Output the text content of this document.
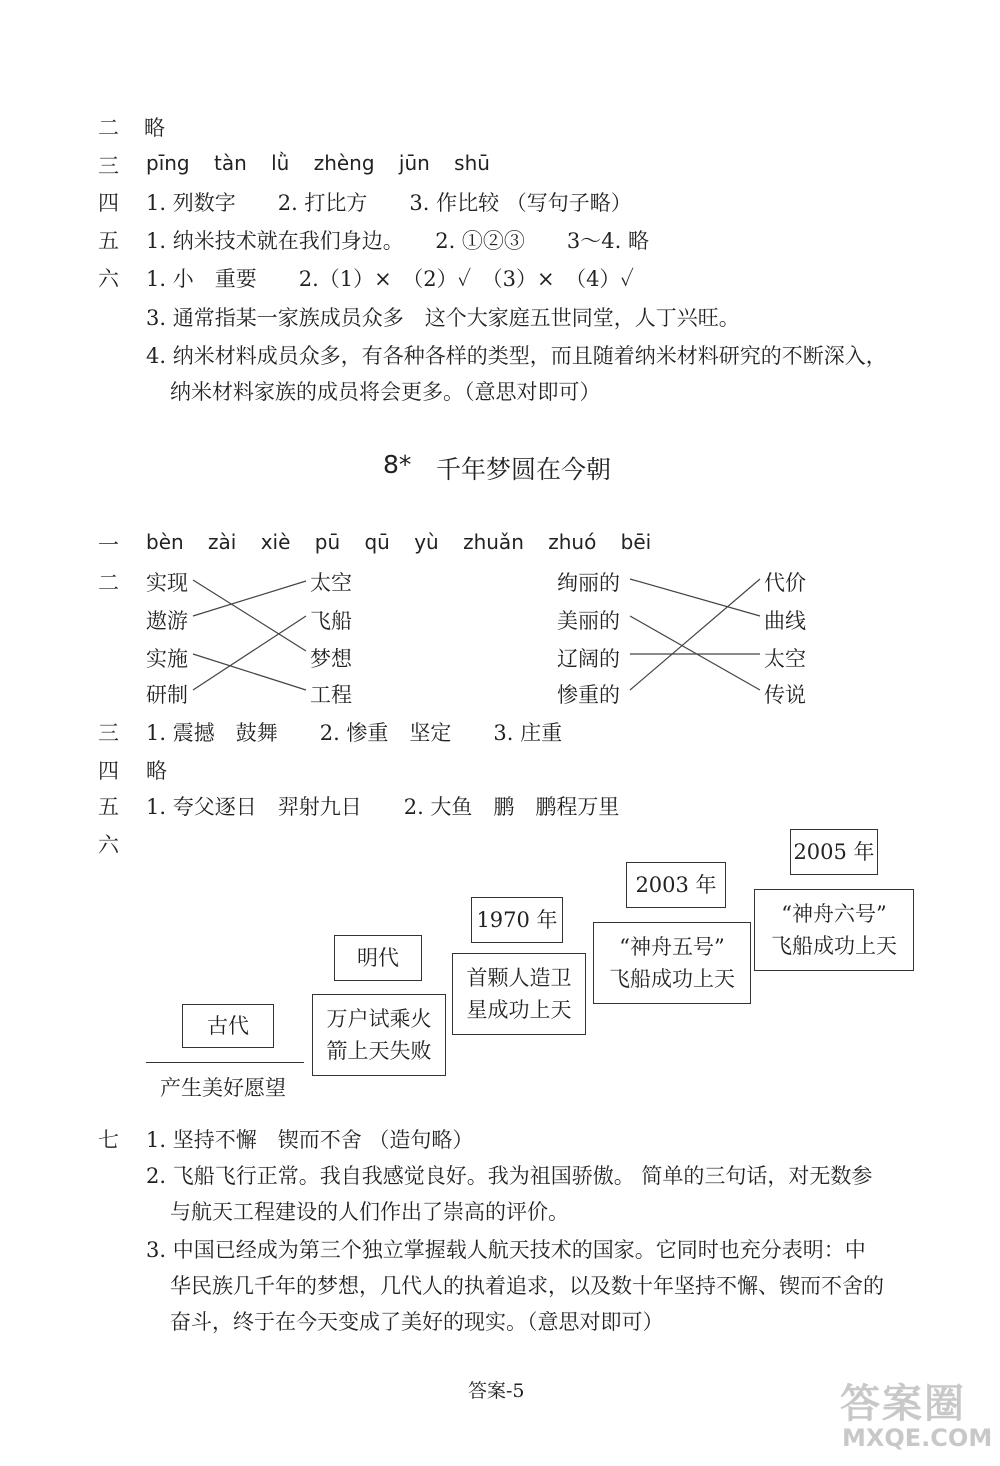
二 略
三 pīng tàn lǜ zhèng jūn shū
四 1. 列数字　　2. 打比方　　3. 作比较 （写句子略）
五 1. 纳米技术就在我们身边。　　2. ①②③　　3～4. 略
六 1. 小　重要　　2.（1）×　（2）✓　（3）×　（4）✓
3. 通常指某一家族成员众多　这个大家庭五世同堂，人丁兴旺。
4. 纳米材料成员众多，有各种各样的类型，而且随着纳米材料研究的不断深入，
纳米材料家族的成员将会更多。（意思对即可）
8* 千年梦圆在今朝
一 bèn zài xiè pū qū yù zhuǎn zhuó bēi
二 实现
遨游
实施
研制
太空
飞船
梦想
工程
绚丽的
美丽的
辽阔的
惨重的
代价
曲线
太空
传说
三 1. 震撼　鼓舞　　2. 惨重　坚定　　3. 庄重
四 略
五 1. 夸父逐日　羿射九日　　2. 大鱼　鹏　鹏程万里
六
古代
产生美好愿望
明代
万户试乘火
箭上天失败
1970 年
首颗人造卫
星成功上天
2003 年
“神舟五号”
飞船成功上天
2005 年
“神舟六号”
飞船成功上天
七 1. 坚持不懈　锲而不舍 （造句略）
2. 飞船飞行正常。我自我感觉良好。我为祖国骄傲。 简单的三句话，对无数参
与航天工程建设的人们作出了崇高的评价。
3. 中国已经成为第三个独立掌握载人航天技术的国家。它同时也充分表明：中
华民族几千年的梦想，几代人的执着追求，以及数十年坚持不懈、锲而不舍的
奋斗，终于在今天变成了美好的现实。（意思对即可）
答案-5	答案圈
MXQE.COM
